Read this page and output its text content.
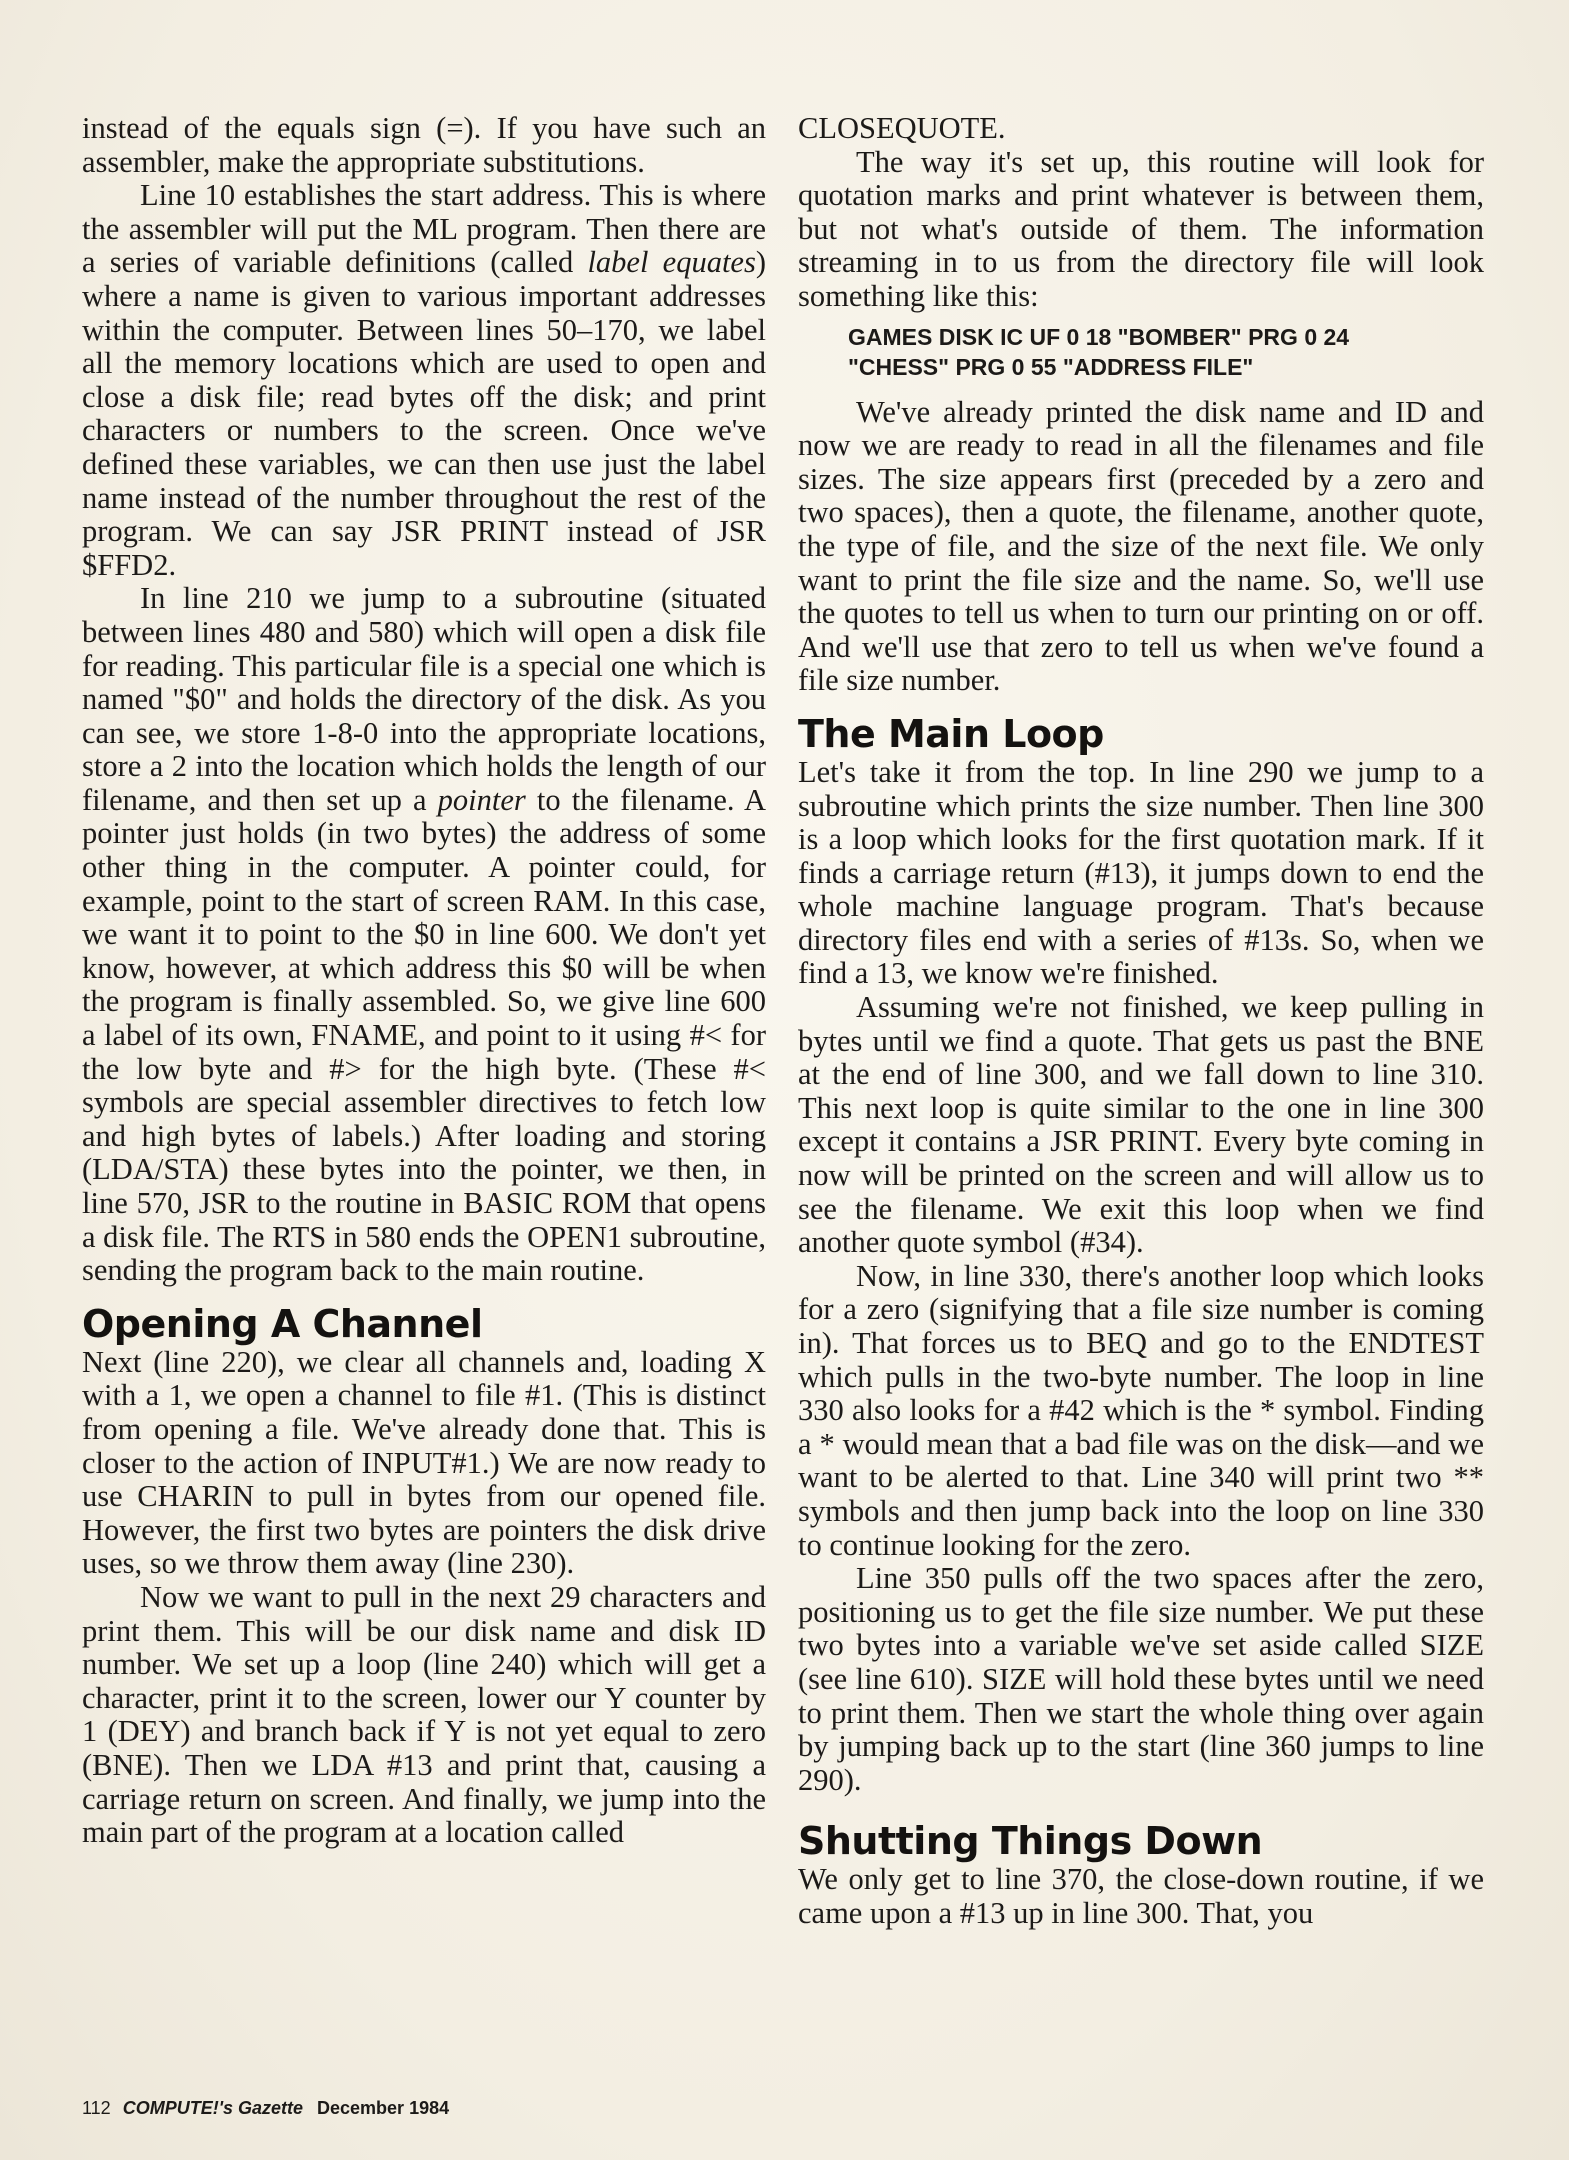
instead of the equals sign (=). If you have such an assembler, make the appropriate substitutions.

Line 10 establishes the start address. This is where the assembler will put the ML program. Then there are a series of variable definitions (called label equates) where a name is given to various important addresses within the computer. Between lines 50–170, we label all the memory locations which are used to open and close a disk file; read bytes off the disk; and print characters or numbers to the screen. Once we've defined these variables, we can then use just the label name instead of the number throughout the rest of the program. We can say JSR PRINT instead of JSR $FFD2.

In line 210 we jump to a subroutine (situated between lines 480 and 580) which will open a disk file for reading. This particular file is a special one which is named "$0" and holds the directory of the disk. As you can see, we store 1-8-0 into the appropriate locations, store a 2 into the location which holds the length of our filename, and then set up a pointer to the filename. A pointer just holds (in two bytes) the address of some other thing in the computer. A pointer could, for example, point to the start of screen RAM. In this case, we want it to point to the $0 in line 600. We don't yet know, however, at which address this $0 will be when the program is finally assembled. So, we give line 600 a label of its own, FNAME, and point to it using #< for the low byte and #> for the high byte. (These #< symbols are special assembler directives to fetch low and high bytes of labels.) After loading and storing (LDA/STA) these bytes into the pointer, we then, in line 570, JSR to the routine in BASIC ROM that opens a disk file. The RTS in 580 ends the OPEN1 subroutine, sending the program back to the main routine.

Opening A Channel

Next (line 220), we clear all channels and, loading X with a 1, we open a channel to file #1. (This is distinct from opening a file. We've already done that. This is closer to the action of INPUT#1.) We are now ready to use CHARIN to pull in bytes from our opened file. However, the first two bytes are pointers the disk drive uses, so we throw them away (line 230).

Now we want to pull in the next 29 characters and print them. This will be our disk name and disk ID number. We set up a loop (line 240) which will get a character, print it to the screen, lower our Y counter by 1 (DEY) and branch back if Y is not yet equal to zero (BNE). Then we LDA #13 and print that, causing a carriage return on screen. And finally, we jump into the main part of the program at a location called

CLOSEQUOTE.

The way it's set up, this routine will look for quotation marks and print whatever is between them, but not what's outside of them. The information streaming in to us from the directory file will look something like this:

GAMES DISK IC UF 0 18 "BOMBER" PRG 0 24
"CHESS" PRG 0 55 "ADDRESS FILE"

We've already printed the disk name and ID and now we are ready to read in all the filenames and file sizes. The size appears first (preceded by a zero and two spaces), then a quote, the filename, another quote, the type of file, and the size of the next file. We only want to print the file size and the name. So, we'll use the quotes to tell us when to turn our printing on or off. And we'll use that zero to tell us when we've found a file size number.

The Main Loop

Let's take it from the top. In line 290 we jump to a subroutine which prints the size number. Then line 300 is a loop which looks for the first quotation mark. If it finds a carriage return (#13), it jumps down to end the whole machine language program. That's because directory files end with a series of #13s. So, when we find a 13, we know we're finished.

Assuming we're not finished, we keep pulling in bytes until we find a quote. That gets us past the BNE at the end of line 300, and we fall down to line 310. This next loop is quite similar to the one in line 300 except it contains a JSR PRINT. Every byte coming in now will be printed on the screen and will allow us to see the filename. We exit this loop when we find another quote symbol (#34).

Now, in line 330, there's another loop which looks for a zero (signifying that a file size number is coming in). That forces us to BEQ and go to the ENDTEST which pulls in the two-byte number. The loop in line 330 also looks for a #42 which is the * symbol. Finding a * would mean that a bad file was on the disk—and we want to be alerted to that. Line 340 will print two ** symbols and then jump back into the loop on line 330 to continue looking for the zero.

Line 350 pulls off the two spaces after the zero, positioning us to get the file size number. We put these two bytes into a variable we've set aside called SIZE (see line 610). SIZE will hold these bytes until we need to print them. Then we start the whole thing over again by jumping back up to the start (line 360 jumps to line 290).

Shutting Things Down

We only get to line 370, the close-down routine, if we came upon a #13 up in line 300. That, you

112 COMPUTE!'s Gazette December 1984
